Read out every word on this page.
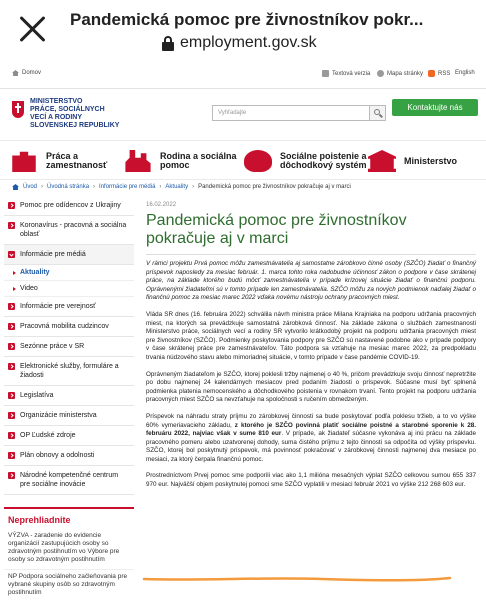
Pandemická pomoc pre živnostníkov pokr...
employment.gov.sk
Domov	Textová verzia	Mapa stránky RSS English
MINISTERSTVO
PRÁCE, SOCIÁLNYCH
VECÍ A RODINY
SLOVENSKEJ REPUBLIKY
Vyhľadajte
Kontaktujte nás
Práca a
zamestnanosť
Rodina a sociálna
pomoc
Sociálne poistenie a
dôchodkový systém	Ministerstvo
Úvod › Úvodná stránka › Informácie pre médiá › Aktuality › Pandemická pomoc pre živnostníkov pokračuje aj v marci
Pomoc pre odídencov z Ukrajiny
Koronavírus - pracovná a sociálna oblasť
Informácie pre médiá
Aktuality
Video
Informácie pre verejnosť
Pracovná mobilita cudzincov
Sezónne práce v SR
Elektronické služby, formuláre a žiadosti
Legislatíva
Organizácie ministerstva
OP Ľudské zdroje
Plán obnovy a odolnosti
Národné kompetenčné centrum pre sociálne inovácie
Neprehliadnite
VÝZVA - zaradenie do evidencie organizácií zastupujúcich osoby so zdravotným postihnutím vo Výbore pre osoby so zdravotným postihnutím
NP Podpora sociálneho začleňovania pre vybrané skupiny osôb so zdravotným postihnutím
16.02.2022
Pandemická pomoc pre živnostníkov pokračuje aj v marci

V rámci projektu Prvá pomoc môžu zamestnávatelia aj samostatne zárobkovo činné osoby (SZČO) žiadať o finančný príspevok naposledy za mesiac február. 1. marca tohto roka nadobudne účinnosť zákon o podpore v čase skrátenej práce, na základe ktorého budú môcť zamestnávatelia v prípade krízovej situácie žiadať o finančnú podporu. Oprávnenými žiadateľmi sú v tomto prípade len zamestnávatelia. SZČO môžu za nových podmienok naďalej žiadať o finančnú pomoc za mesiac marec 2022 vďaka novému nástroju ochrany pracovných miest.

Vláda SR dnes (16. februára 2022) schválila návrh ministra práce Milana Krajniaka na podporu udržania pracovných miest, na ktorých sa prevádzkuje samostatná zárobková činnosť. Na základe zákona o službách zamestnanosti Ministerstvo práce, sociálnych vecí a rodiny SR vytvorilo krátkodobý projekt na podporu udržania pracovných miest pre živnostníkov (SZČO). Podmienky poskytovania podpory pre SZČO sú nastavené podobne ako v prípade podpory v čase skrátenej práce pre zamestnávateľov. Táto podpora sa vzťahuje na mesiac marec 2022, za predpokladu trvania núdzového stavu alebo mimoriadnej situácie, v tomto prípade v čase pandémie COVID-19.

Oprávneným žiadateľom je SZČO, ktorej poklesli tržby najmenej o 40 %, pričom prevádzkuje svoju činnosť nepretržite po dobu najmenej 24 kalendárnych mesiacov pred podaním žiadosti o príspevok. Súčasne musí byť splnená podmienka platenia nemocenského a dôchodkového poistenia v rovnakom trvaní. Tento projekt na podporu udržania pracovných miest SZČO sa nevzťahuje na spoločnosti s ručením obmedzeným.

Príspevok na náhradu straty príjmu zo zárobkovej činnosti sa bude poskytovať podľa poklesu tržieb, a to vo výške 60% vymeriavacieho základu, z ktorého je SZČO povinná platiť sociálne poistné a starobné sporenie k 28. februáru 2022, najviac však v sume 810 eur. V prípade, ak žiadateľ súčasne vykonáva aj inú prácu na základe pracovného pomeru alebo uzatvorenej dohody, suma čistého príjmu z tejto činnosti sa odpočíta od výšky príspevku. SZČO, ktorej bol poskytnutý príspevok, má povinnosť pokračovať v zárobkovej činnosti najmenej dva mesiace po mesiaci, za ktorý čerpala finančnú pomoc.

Prostredníctvom Prvej pomoc sme podporili viac ako 1,1 milióna mesačných výplat SZČO celkovou sumou 655 337 970 eur. Najväčší objem poskytnutej pomoci sme SZČO vyplatili v mesiaci február 2021 vo výške 212 268 603 eur.
